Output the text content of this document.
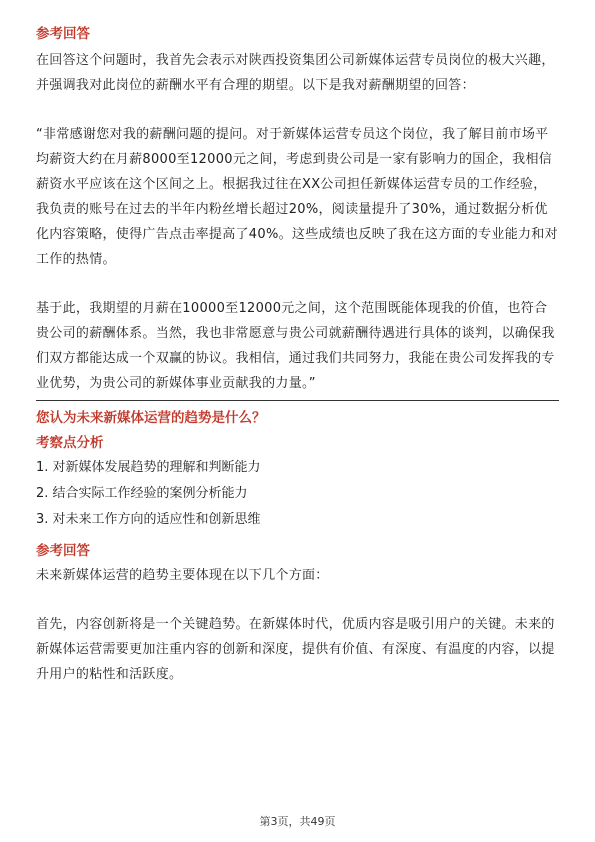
参考回答

在回答这个问题时，我首先会表示对陕西投资集团公司新媒体运营专员岗位的极大兴趣，并强调我对此岗位的薪酬水平有合理的期望。以下是我对薪酬期望的回答：

“非常感谢您对我的薪酬问题的提问。对于新媒体运营专员这个岗位，我了解目前市场平均薪资大约在月薪8000至12000元之间，考虑到贵公司是一家有影响力的国企，我相信薪资水平应该在这个区间之上。根据我过往在XX公司担任新媒体运营专员的工作经验，我负责的账号在过去的半年内粉丝增长超过20%，阅读量提升了30%，通过数据分析优化内容策略，使得广告点击率提高了40%。这些成绩也反映了我在这方面的专业能力和对工作的热情。

基于此，我期望的月薪在10000至12000元之间，这个范围既能体现我的价值，也符合贵公司的薪酬体系。当然，我也非常愿意与贵公司就薪酬待遇进行具体的谈判，以确保我们双方都能达成一个双赢的协议。我相信，通过我们共同努力，我能在贵公司发挥我的专业优势，为贵公司的新媒体事业贡献我的力量。”

您认为未来新媒体运营的趋势是什么？

考察点分析

1. 对新媒体发展趋势的理解和判断能力
2. 结合实际工作经验的案例分析能力
3. 对未来工作方向的适应性和创新思维

参考回答

未来新媒体运营的趋势主要体现在以下几个方面：

首先，内容创新将是一个关键趋势。在新媒体时代，优质内容是吸引用户的关键。未来的新媒体运营需要更加注重内容的创新和深度，提供有价值、有深度、有温度的内容，以提升用户的粘性和活跃度。

第3页，共49页
